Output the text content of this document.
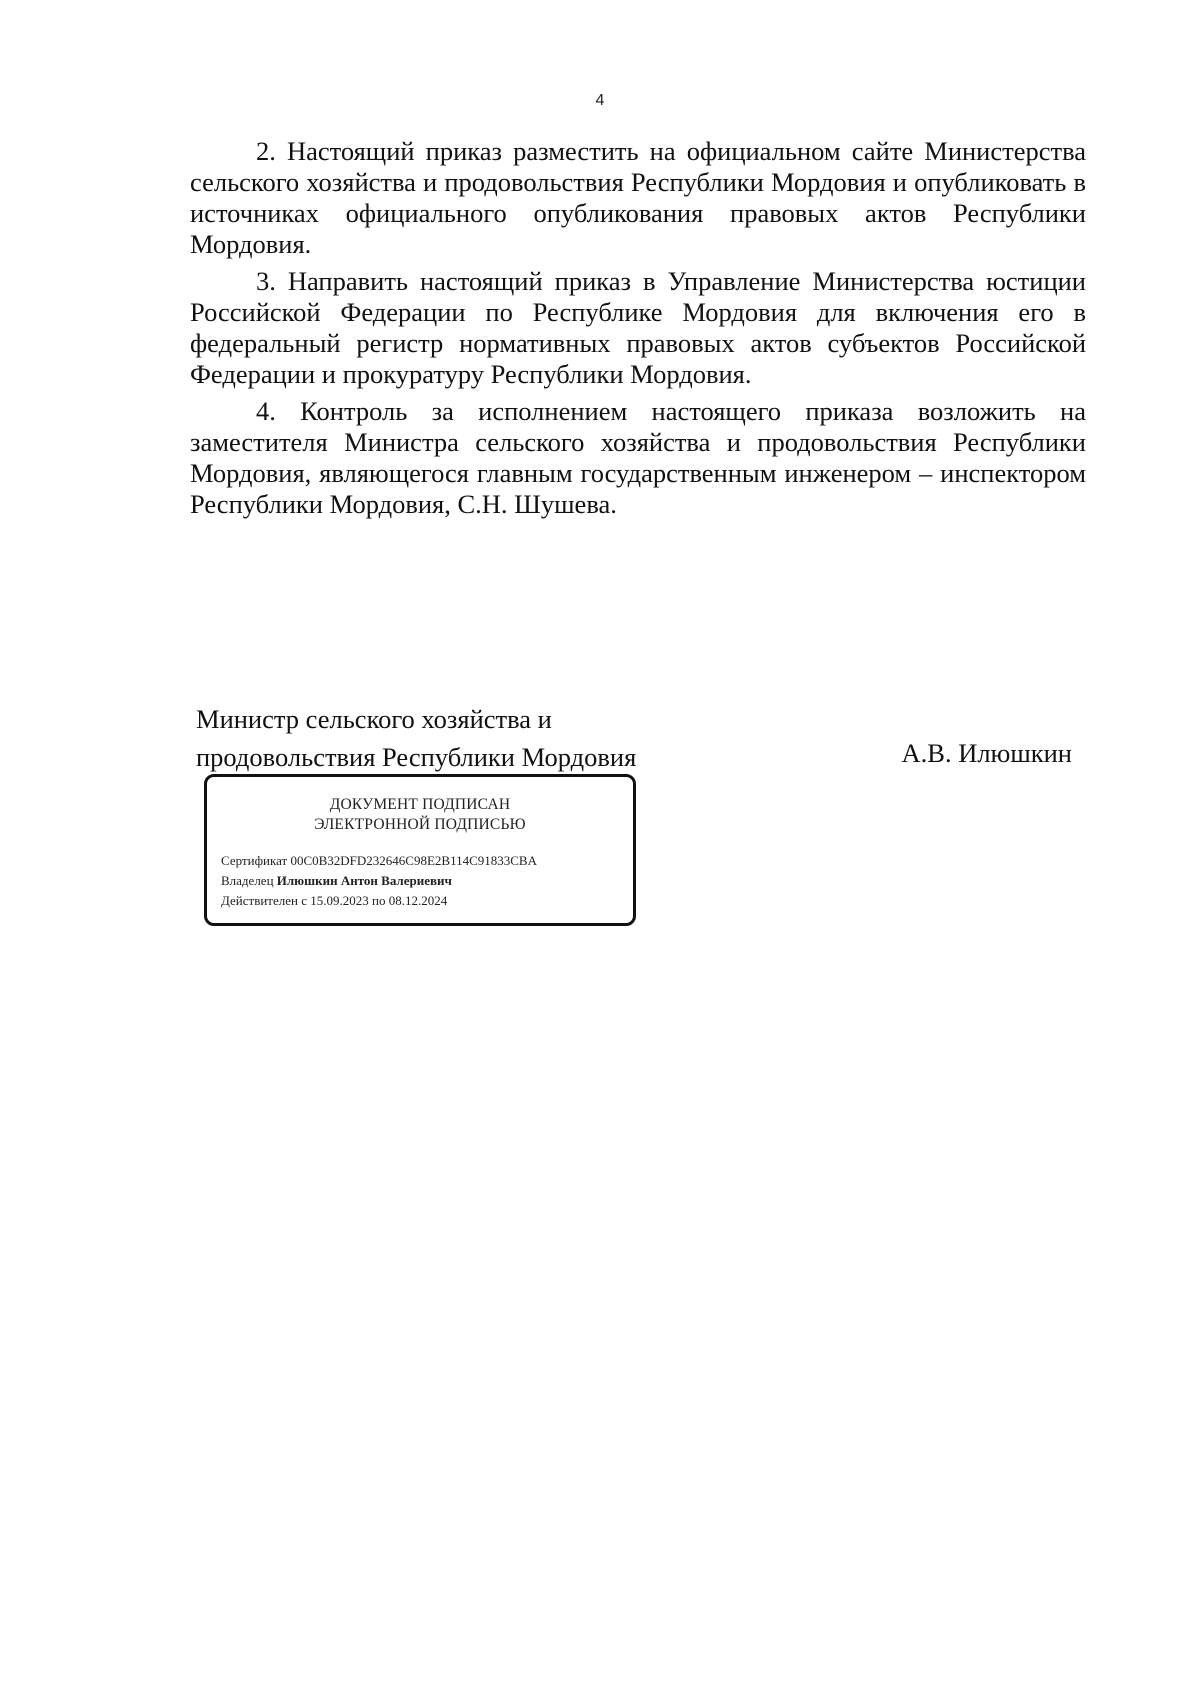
4

2. Настоящий приказ разместить на официальном сайте Министерства сельского хозяйства и продовольствия Республики Мордовия и опубликовать в источниках официального опубликования правовых актов Республики Мордовия.

3. Направить настоящий приказ в Управление Министерства юстиции Российской Федерации по Республике Мордовия для включения его в федеральный регистр нормативных правовых актов субъектов Российской Федерации и прокуратуру Республики Мордовия.

4. Контроль за исполнением настоящего приказа возложить на заместителя Министра сельского хозяйства и продовольствия Республики Мордовия, являющегося главным государственным инженером – инспектором Республики Мордовия, С.Н. Шушева.

Министр сельского хозяйства и
продовольствия Республики Мордовия	А.В. Илюшкин
ДОКУМЕНТ ПОДПИСАН
ЭЛЕКТРОННОЙ ПОДПИСЬЮ
Сертификат 00C0B32DFD232646C98E2B114C91833CBA
Владелец Илюшкин Антон Валериевич
Действителен с 15.09.2023 по 08.12.2024
